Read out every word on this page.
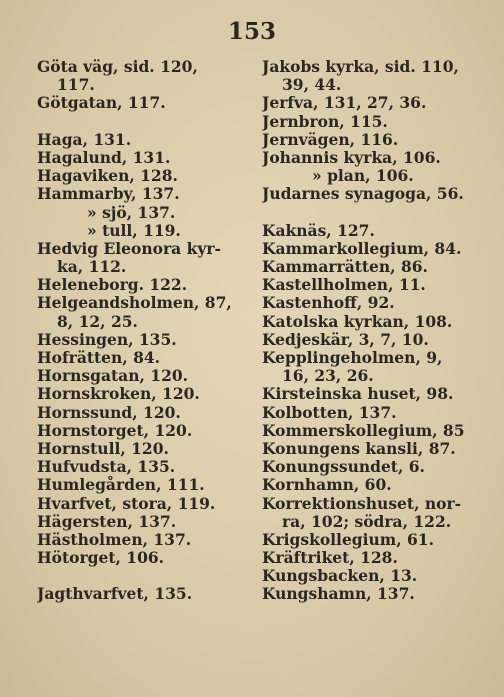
153
Göta väg, sid. 120,
117.
Götgatan, 117.
Haga, 131.
Hagalund, 131.
Hagaviken, 128.
Hammarby, 137.
» sjö, 137.
» tull, 119.
Hedvig Eleonora kyr-
ka, 112.
Heleneborg. 122.
Helgeandsholmen, 87,
8, 12, 25.
Hessingen, 135.
Hofrätten, 84.
Hornsgatan, 120.
Hornskroken, 120.
Hornssund, 120.
Hornstorget, 120.
Hornstull, 120.
Hufvudsta, 135.
Humlegården, 111.
Hvarfvet, stora, 119.
Hägersten, 137.
Hästholmen, 137.
Hötorget, 106.
Jagthvarfvet, 135.
Jakobs kyrka, sid. 110,
39, 44.
Jerfva, 131, 27, 36.
Jernbron, 115.
Jernvägen, 116.
Johannis kyrka, 106.
» plan, 106.
Judarnes synagoga, 56.
Kaknäs, 127.
Kammarkollegium, 84.
Kammarrätten, 86.
Kastellholmen, 11.
Kastenhoff, 92.
Katolska kyrkan, 108.
Kedjeskär, 3, 7, 10.
Kepplingeholmen, 9,
16, 23, 26.
Kirsteinska huset, 98.
Kolbotten, 137.
Kommerskollegium, 85
Konungens kansli, 87.
Konungssundet, 6.
Kornhamn, 60.
Korrektionshuset, nor-
ra, 102; södra, 122.
Krigskollegium, 61.
Kräftriket, 128.
Kungsbacken, 13.
Kungshamn, 137.
